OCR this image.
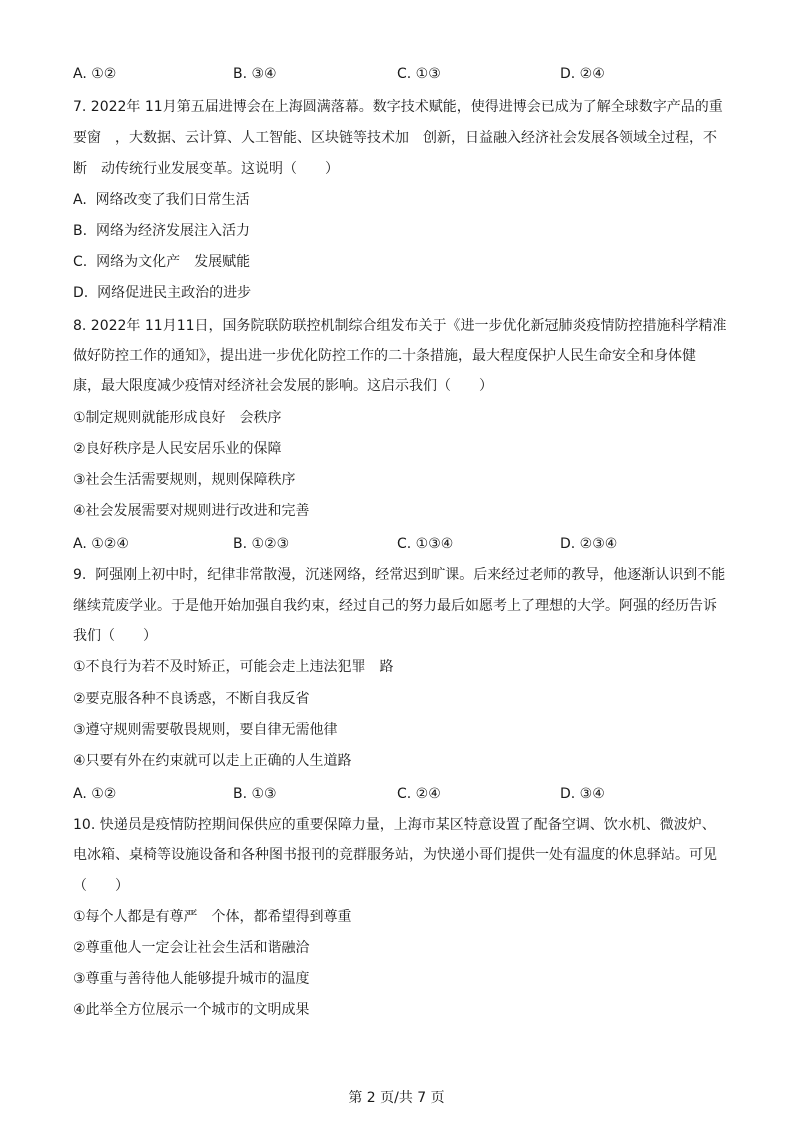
A. ①②	B. ③④	C. ①③	D. ②④
7. 2022年 11月第五届进博会在上海圆满落幕。数字技术赋能，使得进博会已成为了解全球数字产品的重
要窗　，大数据、云计算、人工智能、区块链等技术加　创新，日益融入经济社会发展各领域全过程，不
断　动传统行业发展变革。这说明（　　）
A.  网络改变了我们日常生活
B.  网络为经济发展注入活力
C.  网络为文化产　发展赋能
D.  网络促进民主政治的进步
8. 2022年 11月11日，国务院联防联控机制综合组发布关于《进一步优化新冠肺炎疫情防控措施科学精准
做好防控工作的通知》，提出进一步优化防控工作的二十条措施，最大程度保护人民生命安全和身体健
康，最大限度减少疫情对经济社会发展的影响。这启示我们（　　）
①制定规则就能形成良好　会秩序
②良好秩序是人民安居乐业的保障
③社会生活需要规则，规则保障秩序
④社会发展需要对规则进行改进和完善
A. ①②④	B. ①②③	C. ①③④	D. ②③④
9.  阿强刚上初中时，纪律非常散漫，沉迷网络，经常迟到旷课。后来经过老师的教导，他逐渐认识到不能
继续荒废学业。于是他开始加强自我约束，经过自己的努力最后如愿考上了理想的大学。阿强的经历告诉
我们（　　）
①不良行为若不及时矫正，可能会走上违法犯罪　路
②要克服各种不良诱惑，不断自我反省
③遵守规则需要敬畏规则，要自律无需他律
④只要有外在约束就可以走上正确的人生道路
A. ①②	B. ①③	C. ②④	D. ③④
10. 快递员是疫情防控期间保供应的重要保障力量，上海市某区特意设置了配备空调、饮水机、微波炉、
电冰箱、桌椅等设施设备和各种图书报刊的竞群服务站，为快递小哥们提供一处有温度的休息驿站。可见
（　　）
①每个人都是有尊严　个体，都希望得到尊重
②尊重他人一定会让社会生活和谐融洽
③尊重与善待他人能够提升城市的温度
④此举全方位展示一个城市的文明成果
第 2 页/共 7 页
